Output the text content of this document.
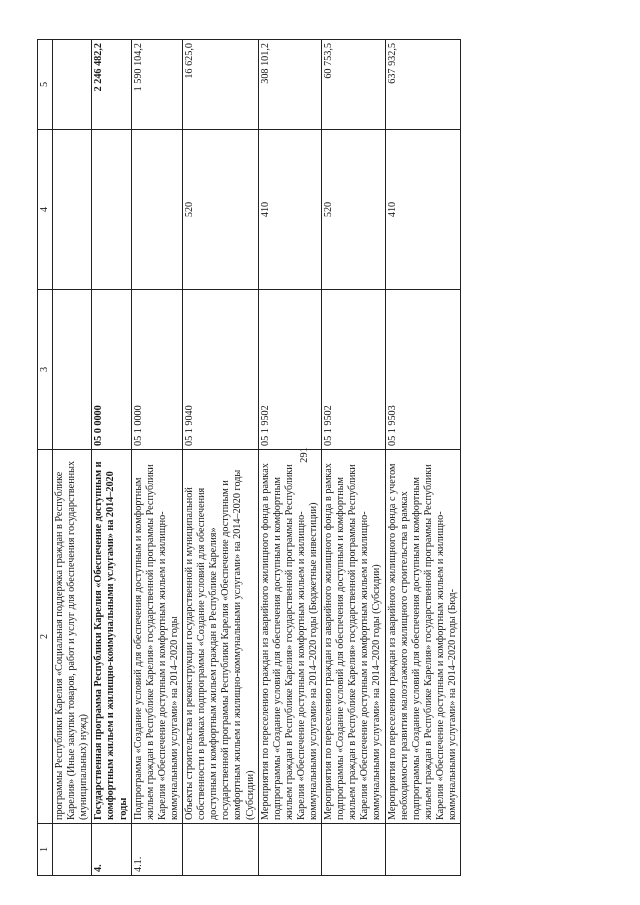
291
1	2	3	4	5
	программы Республики Карелия «Социальная поддержка граждан в Республике Карелия» (Иные закупки товаров, работ и услуг для обеспечения государственных (муниципальных) нужд)			
4.	Государственная программа Республики Карелия «Обеспечение доступным и комфортным жильем и жилищно-коммунальными услугами» на 2014–2020 годы	05 0 0000		2 246 482,2
4.1.	Подпрограмма «Создание условий для обеспечения доступным и комфортным жильем граждан в Республике Карелия» государственной программы Республики Карелия «Обеспечение доступным и комфортным жильем и жилищно-коммунальными услугами» на 2014–2020 годы	05 1 0000		1 590 104,2
	Объекты строительства и реконструкции государственной и муниципальной собственности в рамках подпрограммы «Создание условий для обеспечения доступным и комфортным жильем граждан в Республике Карелия» государственной программы Республики Карелия «Обеспечение доступным и комфортным жильем и жилищно-коммунальными услугами» на 2014–2020 годы (Субсидии)	05 1 9040	520	16 625,0
	Мероприятия по переселению граждан из аварийного жилищного фонда в рамках подпрограммы «Создание условий для обеспечения доступным и комфортным жильем граждан в Республике Карелия» государственной программы Республики Карелия «Обеспечение доступным и комфортным жильем и жилищно-коммунальными услугами» на 2014–2020 годы (Бюджетные инвестиции)	05 1 9502	410	308 101,2
	Мероприятия по переселению граждан из аварийного жилищного фонда в рамках подпрограммы «Создание условий для обеспечения доступным и комфортным жильем граждан в Республике Карелия» государственной программы Республики Карелия «Обеспечение доступным и комфортным жильем и жилищно-коммунальными услугами» на 2014–2020 годы (Субсидии)	05 1 9502	520	60 753,5
	Мероприятия по переселению граждан из аварийного жилищного фонда с учетом необходимости развития малоэтажного жилищного строительства в рамках подпрограммы «Создание условий для обеспечения доступным и комфортным жильем граждан в Республике Карелия» государственной программы Республики Карелия «Обеспечение доступным и комфортным жильем и жилищно-коммунальными услугами» на 2014–2020 годы (Бюд-	05 1 9503	410	637 932,5
